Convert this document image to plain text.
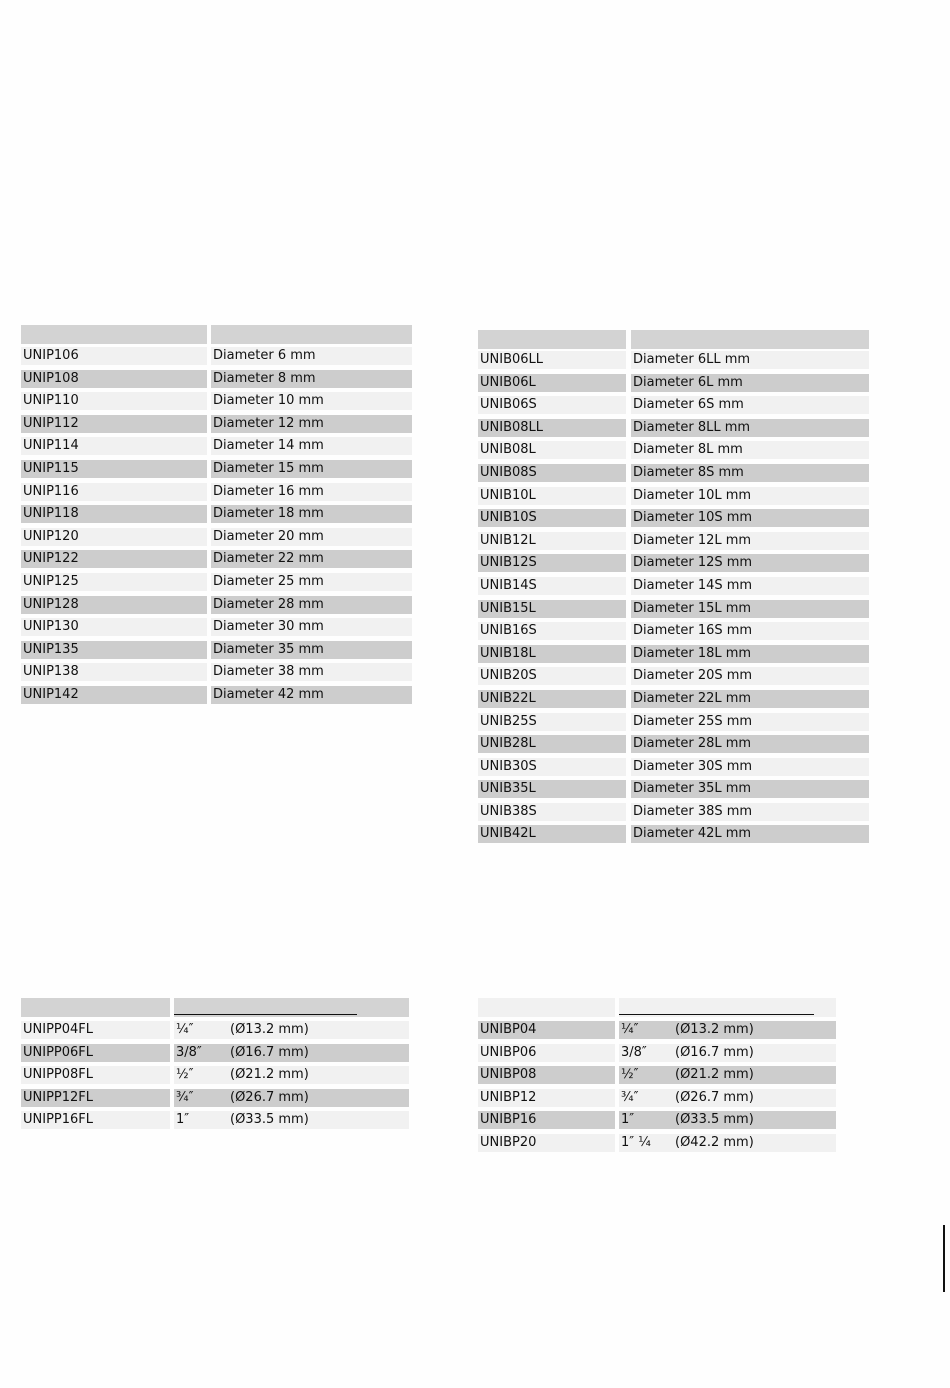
UNIP106	Diameter 6 mm
UNIP108	Diameter 8 mm
UNIP110	Diameter 10 mm
UNIP112	Diameter 12 mm
UNIP114	Diameter 14 mm
UNIP115	Diameter 15 mm
UNIP116	Diameter 16 mm
UNIP118	Diameter 18 mm
UNIP120	Diameter 20 mm
UNIP122	Diameter 22 mm
UNIP125	Diameter 25 mm
UNIP128	Diameter 28 mm
UNIP130	Diameter 30 mm
UNIP135	Diameter 35 mm
UNIP138	Diameter 38 mm
UNIP142	Diameter 42 mm
UNIB06LL	Diameter 6LL mm
UNIB06L	Diameter 6L mm
UNIB06S	Diameter 6S mm
UNIB08LL	Diameter 8LL mm
UNIB08L	Diameter 8L mm
UNIB08S	Diameter 8S mm
UNIB10L	Diameter 10L mm
UNIB10S	Diameter 10S mm
UNIB12L	Diameter 12L mm
UNIB12S	Diameter 12S mm
UNIB14S	Diameter 14S mm
UNIB15L	Diameter 15L mm
UNIB16S	Diameter 16S mm
UNIB18L	Diameter 18L mm
UNIB20S	Diameter 20S mm
UNIB22L	Diameter 22L mm
UNIB25S	Diameter 25S mm
UNIB28L	Diameter 28L mm
UNIB30S	Diameter 30S mm
UNIB35L	Diameter 35L mm
UNIB38S	Diameter 38S mm
UNIB42L	Diameter 42L mm
UNIPP04FL	¼″	(Ø13.2 mm)
UNIPP06FL	3/8″ (Ø16.7 mm)
UNIPP08FL	½″	(Ø21.2 mm)
UNIPP12FL	¾″	(Ø26.7 mm)
UNIPP16FL	1″	(Ø33.5 mm)
UNIBP04	¼″	(Ø13.2 mm)
UNIBP06	3/8″ (Ø16.7 mm)
UNIBP08	½″	(Ø21.2 mm)
UNIBP12	¾″	(Ø26.7 mm)
UNIBP16	1″	(Ø33.5 mm)
UNIBP20	1″ ¼ (Ø42.2 mm)
